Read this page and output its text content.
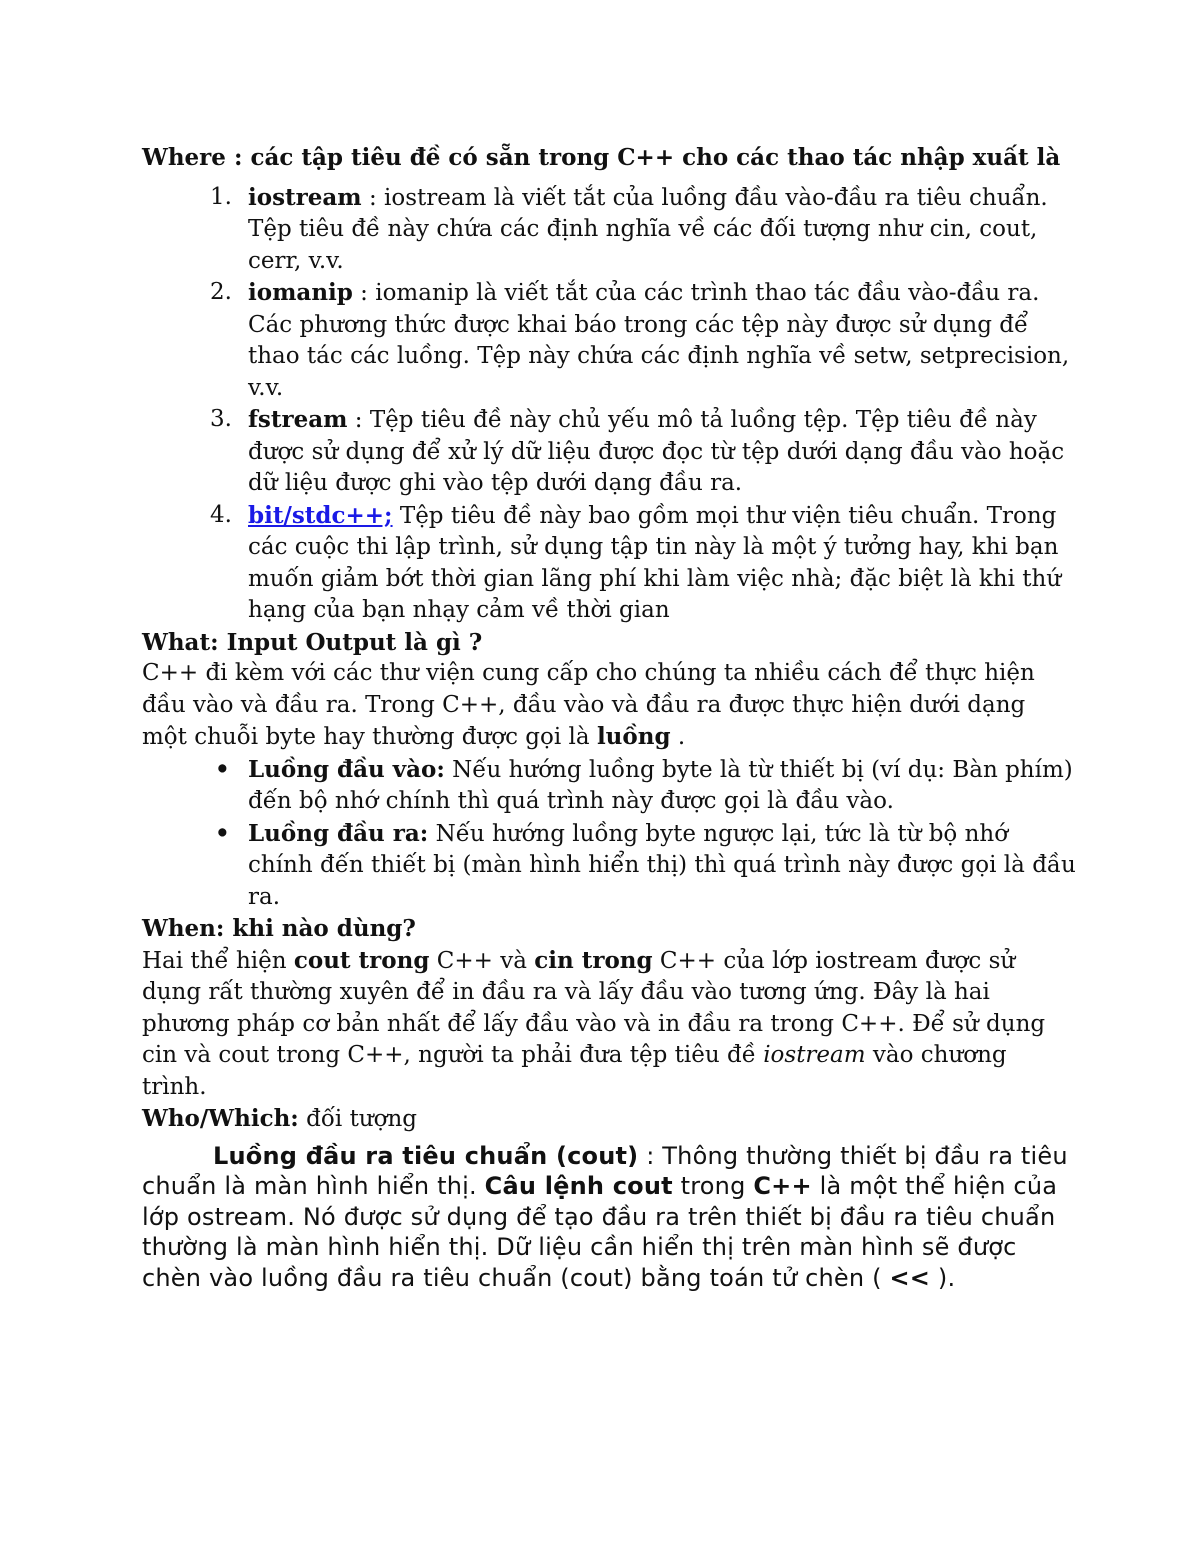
Where : các tập tiêu đề có sẵn trong C++ cho các thao tác nhập xuất là

1. iostream : iostream là viết tắt của luồng đầu vào-đầu ra tiêu chuẩn. Tệp tiêu đề này chứa các định nghĩa về các đối tượng như cin, cout, cerr, v.v.
2. iomanip : iomanip là viết tắt của các trình thao tác đầu vào-đầu ra. Các phương thức được khai báo trong các tệp này được sử dụng để thao tác các luồng. Tệp này chứa các định nghĩa về setw, setprecision, v.v.
3. fstream : Tệp tiêu đề này chủ yếu mô tả luồng tệp. Tệp tiêu đề này được sử dụng để xử lý dữ liệu được đọc từ tệp dưới dạng đầu vào hoặc dữ liệu được ghi vào tệp dưới dạng đầu ra.
4. bit/stdc++; Tệp tiêu đề này bao gồm mọi thư viện tiêu chuẩn. Trong các cuộc thi lập trình, sử dụng tập tin này là một ý tưởng hay, khi bạn muốn giảm bớt thời gian lãng phí khi làm việc nhà; đặc biệt là khi thứ hạng của bạn nhạy cảm về thời gian

What: Input Output là gì ?

C++ đi kèm với các thư viện cung cấp cho chúng ta nhiều cách để thực hiện đầu vào và đầu ra. Trong C++, đầu vào và đầu ra được thực hiện dưới dạng một chuỗi byte hay thường được gọi là luồng .

• Luồng đầu vào: Nếu hướng luồng byte là từ thiết bị (ví dụ: Bàn phím) đến bộ nhớ chính thì quá trình này được gọi là đầu vào.
• Luồng đầu ra: Nếu hướng luồng byte ngược lại, tức là từ bộ nhớ chính đến thiết bị (màn hình hiển thị) thì quá trình này được gọi là đầu ra.

When: khi nào dùng?

Hai thể hiện cout trong C++ và cin trong C++ của lớp iostream được sử dụng rất thường xuyên để in đầu ra và lấy đầu vào tương ứng. Đây là hai phương pháp cơ bản nhất để lấy đầu vào và in đầu ra trong C++. Để sử dụng cin và cout trong C++, người ta phải đưa tệp tiêu đề iostream vào chương trình.

Who/Which: đối tượng

Luồng đầu ra tiêu chuẩn (cout) : Thông thường thiết bị đầu ra tiêu chuẩn là màn hình hiển thị. Câu lệnh cout trong C++ là một thể hiện của lớp ostream. Nó được sử dụng để tạo đầu ra trên thiết bị đầu ra tiêu chuẩn thường là màn hình hiển thị. Dữ liệu cần hiển thị trên màn hình sẽ được chèn vào luồng đầu ra tiêu chuẩn (cout) bằng toán tử chèn ( << ).
